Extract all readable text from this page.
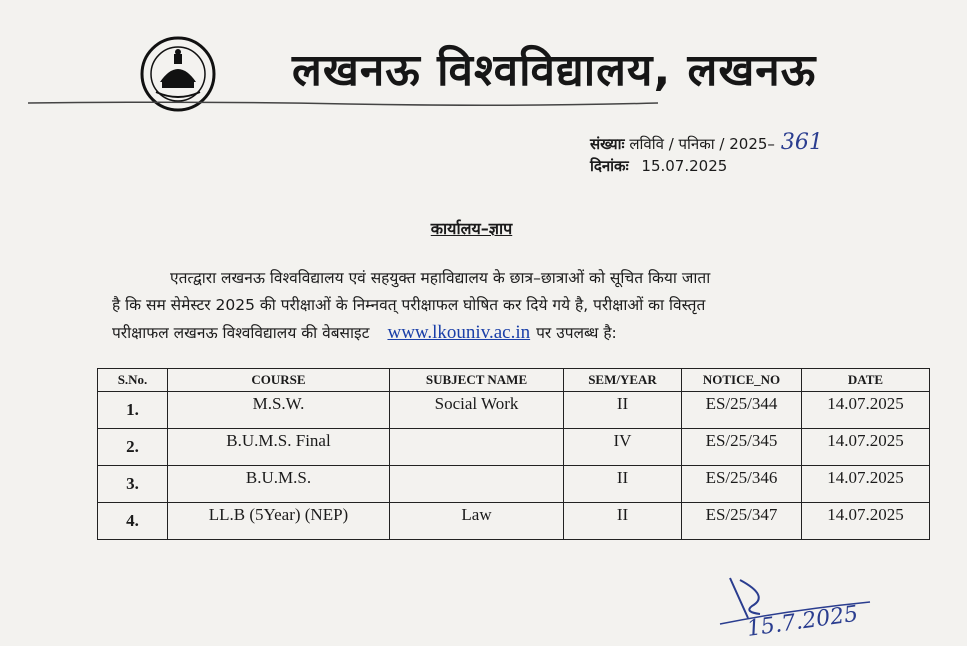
लखनऊ विश्वविद्यालय, लखनऊ
संख्याः लविवि / पनिका / 2025– 361
दिनांकः 15.07.2025
कार्यालय–ज्ञाप
एतत्द्वारा लखनऊ विश्वविद्यालय एवं सहयुक्त महाविद्यालय के छात्र–छात्राओं को सूचित किया जाता
है कि सम सेमेस्टर 2025 की परीक्षाओं के निम्नवत् परीक्षाफल घोषित कर दिये गये है, परीक्षाओं का विस्तृत
परीक्षाफल लखनऊ विश्वविद्यालय की वेबसाइट www.lkouniv.ac.in पर उपलब्ध है:
S.No.	COURSE	SUBJECT NAME	SEM/YEAR	NOTICE_NO	DATE
1.	M.S.W.	Social Work	II	ES/25/344	14.07.2025
2.	B.U.M.S. Final		IV	ES/25/345	14.07.2025
3.	B.U.M.S.		II	ES/25/346	14.07.2025
4.	LL.B (5Year) (NEP)	Law	II	ES/25/347	14.07.2025
15.7.2025
